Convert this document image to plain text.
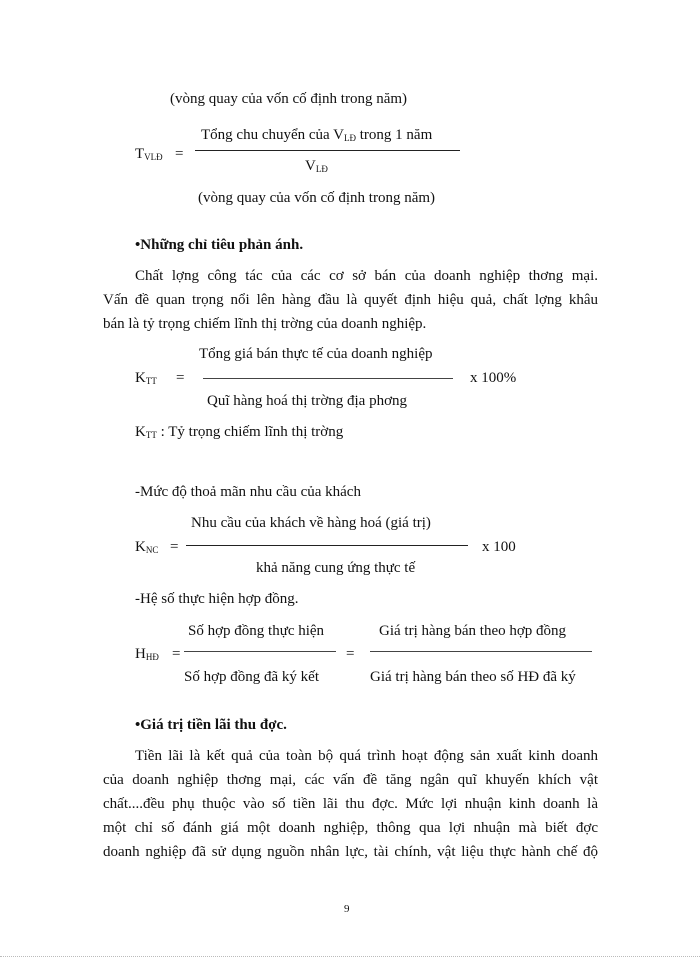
(vòng quay của vốn cố định trong năm)
$T_{VLĐ}$ =
Tổng chu chuyển của $V_{LĐ}$ trong 1 năm
$V_{LĐ}$
(vòng quay của vốn cố định trong năm)
•Những chỉ tiêu phản ánh.
Chất lợng công tác của các cơ sở bán của doanh nghiệp thơng mại.
Vấn đề quan trọng nổi lên hàng đầu là quyết định hiệu quả, chất lợng khâu
bán là tỷ trọng chiếm lĩnh thị trờng của doanh nghiệp.
Tổng giá bán thực tế của doanh nghiệp
$K_{TT}$ =	x 100%
Quĩ hàng hoá thị trờng địa phơng
$K_{TT}$ : Tỷ trọng chiếm lĩnh thị trờng
-Mức độ thoả mãn nhu cầu của khách
Nhu cầu của khách về hàng hoá (giá trị)
$K_{NC}$ =	x 100
khả năng cung ứng thực tế
-Hệ số thực hiện hợp đồng.
Số hợp đồng thực hiện	Giá trị hàng bán theo hợp đồng
$H_{HĐ}$ =	=
Số hợp đồng đã ký kết	Giá trị hàng bán theo số HĐ đã ký
•Giá trị tiền lãi thu đợc.
Tiền lãi là kết quả của toàn bộ quá trình hoạt động sản xuất kinh doanh
của doanh nghiệp thơng mại, các vấn đề tăng ngân quĩ khuyến khích vật
chất....đều phụ thuộc vào số tiền lãi thu đợc. Mức lợi nhuận kinh doanh là
một chỉ số đánh giá một doanh nghiệp, thông qua lợi nhuận mà biết đợc
doanh nghiệp đã sử dụng nguồn nhân lực, tài chính, vật liệu thực hành chế độ
9
